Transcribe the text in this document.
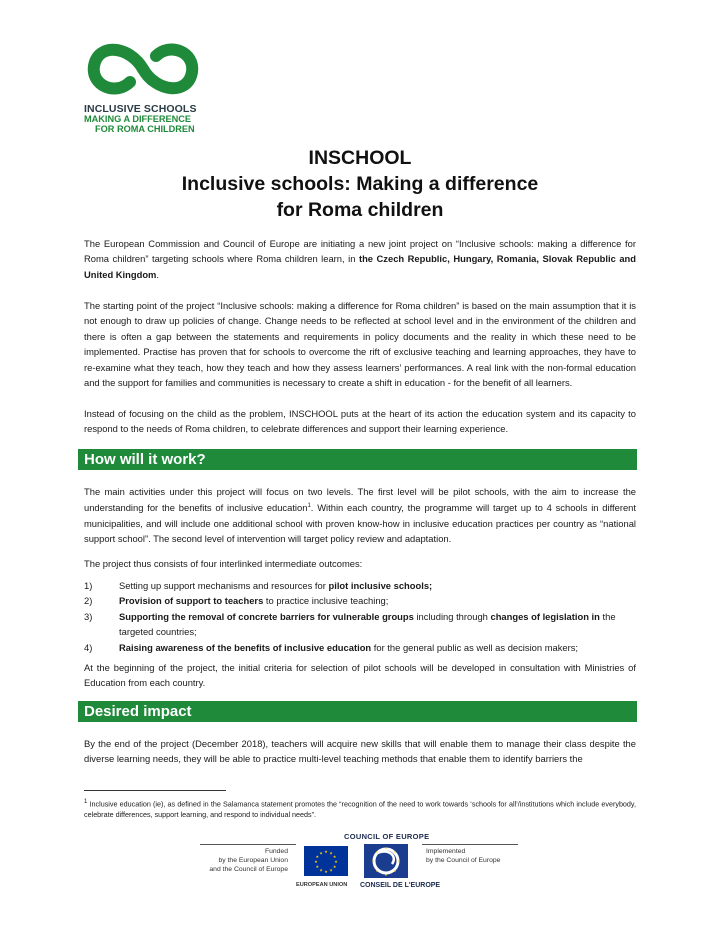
INCLUSIVE SCHOOLS
MAKING A DIFFERENCE
FOR ROMA CHILDREN
INSCHOOL
Inclusive schools: Making a difference
for Roma children

The European Commission and Council of Europe are initiating a new joint project on “Inclusive schools: making a difference for Roma children” targeting schools where Roma children learn, in the Czech Republic, Hungary, Romania, Slovak Republic and United Kingdom.

The starting point of the project “Inclusive schools: making a difference for Roma children” is based on the main assumption that it is not enough to draw up policies of change. Change needs to be reflected at school level and in the environment of the children and there is often a gap between the statements and requirements in policy documents and the reality in which these need to be implemented. Practise has proven that for schools to overcome the rift of exclusive teaching and learning approaches, they have to re-examine what they teach, how they teach and how they assess learners’ performances. A real link with the non-formal education and the support for families and communities is necessary to create a shift in education - for the benefit of all learners.

Instead of focusing on the child as the problem, INSCHOOL puts at the heart of its action the education system and its capacity to respond to the needs of Roma children, to celebrate differences and support their learning experience.

How will it work?

The main activities under this project will focus on two levels. The first level will be pilot schools, with the aim to increase the understanding for the benefits of inclusive education$^1$. Within each country, the programme will target up to 4 schools in different municipalities, and will include one additional school with proven know-how in inclusive education practices per country as “national support school”. The second level of intervention will target policy review and adaptation.

The project thus consists of four interlinked intermediate outcomes:

1)	Setting up support mechanisms and resources for pilot inclusive schools;
2)	Provision of support to teachers to practice inclusive teaching;
3)	Supporting the removal of concrete barriers for vulnerable groups including through changes of legislation in the targeted countries;
4)	Raising awareness of the benefits of inclusive education for the general public as well as decision makers;

At the beginning of the project, the initial criteria for selection of pilot schools will be developed in consultation with Ministries of Education from each country.

Desired impact

By the end of the project (December 2018), teachers will acquire new skills that will enable them to manage their class despite the diverse learning needs, they will be able to practice multi-level teaching methods that enable them to identify barriers the

$^1$ Inclusive education (ie), as defined in the Salamanca statement promotes the “recognition of the need to work towards ‘schools for all’/institutions which include everybody, celebrate differences, support learning, and respond to individual needs”.
COUNCIL OF EUROPE
Funded
by the European Union
and the Council of Europe
★ ★
★
★
★
★
★
★
★
★
★
★
EUROPEAN UNION
★
★
★
★
★
★
★
★
CONSEIL DE L'EUROPE
Implemented
by the Council of Europe
